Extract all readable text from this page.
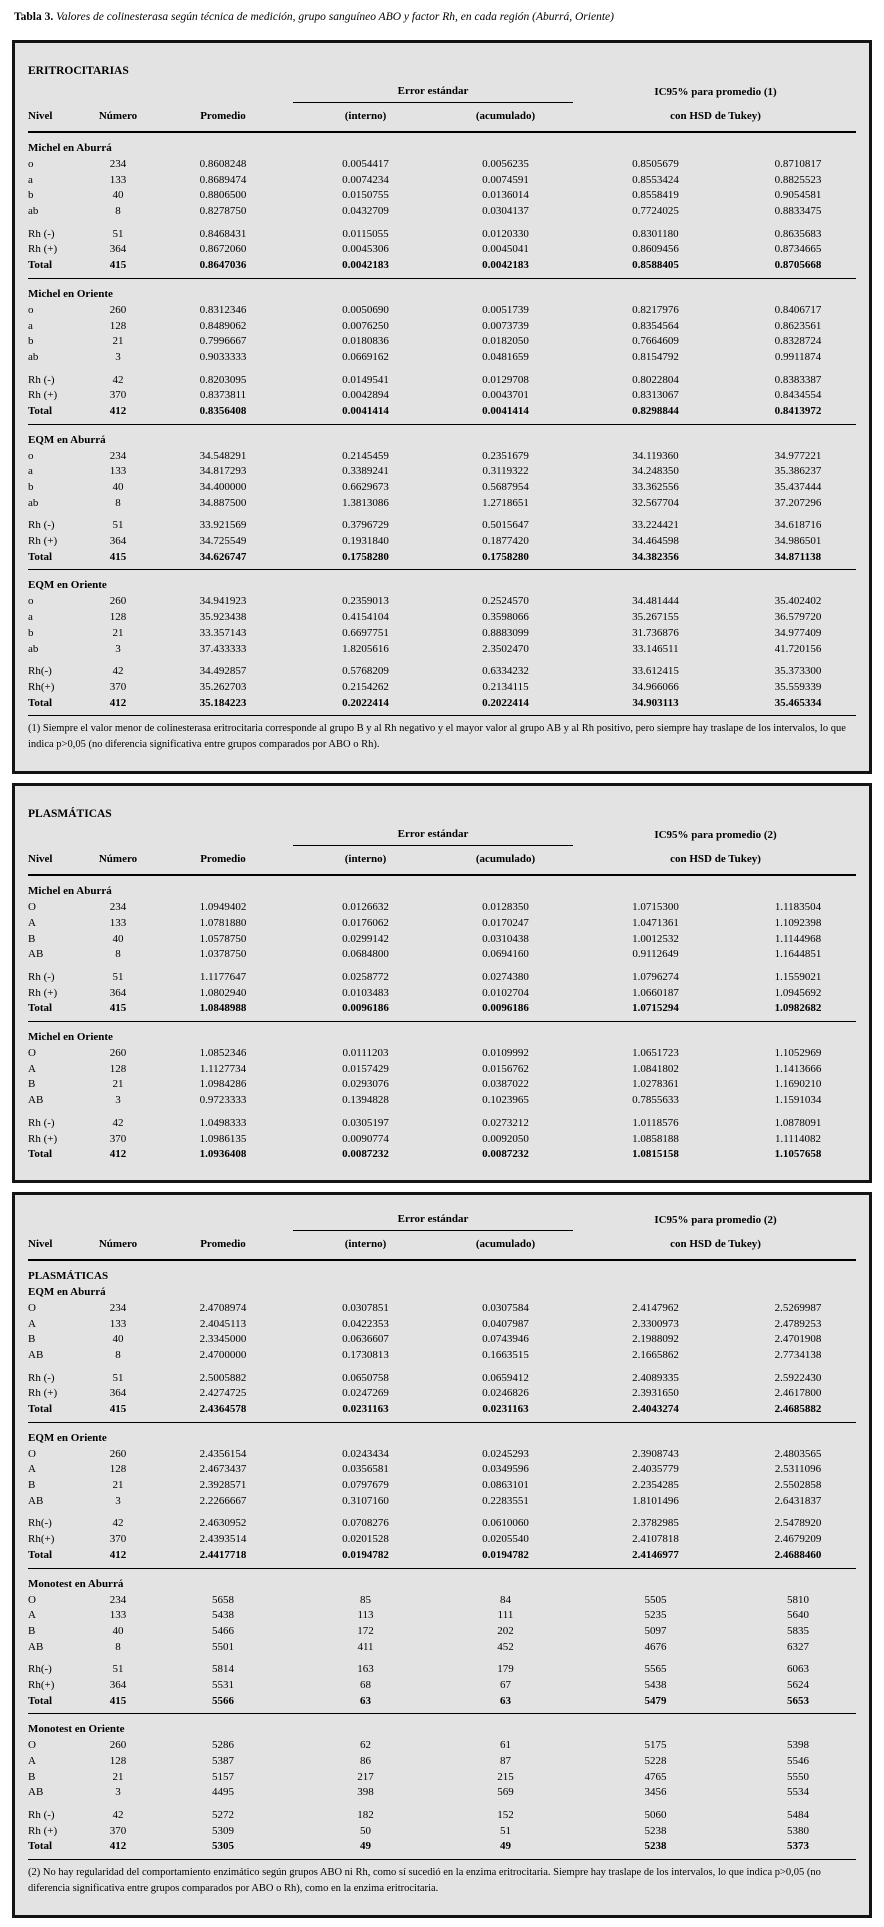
Tabla 3. Valores de colinesterasa según técnica de medición, grupo sanguíneo ABO y factor Rh, en cada región (Aburrá, Oriente)
ERITROCITARIAS
Error estándar	IC95% para promedio (1)
Nivel	Número	Promedio	(interno)	(acumulado)	con HSD de Tukey)
Michel en Aburrá
o	234	0.8608248	0.0054417	0.0056235	0.8505679	0.8710817
a	133	0.8689474	0.0074234	0.0074591	0.8553424	0.8825523
b	40	0.8806500	0.0150755	0.0136014	0.8558419	0.9054581
ab	8	0.8278750	0.0432709	0.0304137	0.7724025	0.8833475
Rh (-)	51	0.8468431	0.0115055	0.0120330	0.8301180	0.8635683
Rh (+)	364	0.8672060	0.0045306	0.0045041	0.8609456	0.8734665
Total	415	0.8647036	0.0042183	0.0042183	0.8588405	0.8705668
Michel en Oriente
o	260	0.8312346	0.0050690	0.0051739	0.8217976	0.8406717
a	128	0.8489062	0.0076250	0.0073739	0.8354564	0.8623561
b	21	0.7996667	0.0180836	0.0182050	0.7664609	0.8328724
ab	3	0.9033333	0.0669162	0.0481659	0.8154792	0.9911874
Rh (-)	42	0.8203095	0.0149541	0.0129708	0.8022804	0.8383387
Rh (+)	370	0.8373811	0.0042894	0.0043701	0.8313067	0.8434554
Total	412	0.8356408	0.0041414	0.0041414	0.8298844	0.8413972
EQM en Aburrá
o	234	34.548291	0.2145459	0.2351679	34.119360	34.977221
a	133	34.817293	0.3389241	0.3119322	34.248350	35.386237
b	40	34.400000	0.6629673	0.5687954	33.362556	35.437444
ab	8	34.887500	1.3813086	1.2718651	32.567704	37.207296
Rh (-)	51	33.921569	0.3796729	0.5015647	33.224421	34.618716
Rh (+)	364	34.725549	0.1931840	0.1877420	34.464598	34.986501
Total	415	34.626747	0.1758280	0.1758280	34.382356	34.871138
EQM en Oriente
o	260	34.941923	0.2359013	0.2524570	34.481444	35.402402
a	128	35.923438	0.4154104	0.3598066	35.267155	36.579720
b	21	33.357143	0.6697751	0.8883099	31.736876	34.977409
ab	3	37.433333	1.8205616	2.3502470	33.146511	41.720156
Rh(-)	42	34.492857	0.5768209	0.6334232	33.612415	35.373300
Rh(+)	370	35.262703	0.2154262	0.2134115	34.966066	35.559339
Total	412	35.184223	0.2022414	0.2022414	34.903113	35.465334
(1) Siempre el valor menor de colinesterasa eritrocitaria corresponde al grupo B y al Rh negativo y el mayor valor al grupo AB y al Rh positivo, pero siempre hay traslape de los intervalos, lo que indica p>0,05 (no diferencia significativa entre grupos comparados por ABO o Rh).
PLASMÁTICAS
Error estándar	IC95% para promedio (2)
Nivel	Número	Promedio	(interno)	(acumulado)	con HSD de Tukey)
Michel en Aburrá
O	234	1.0949402	0.0126632	0.0128350	1.0715300	1.1183504
A	133	1.0781880	0.0176062	0.0170247	1.0471361	1.1092398
B	40	1.0578750	0.0299142	0.0310438	1.0012532	1.1144968
AB	8	1.0378750	0.0684800	0.0694160	0.9112649	1.1644851
Rh (-)	51	1.1177647	0.0258772	0.0274380	1.0796274	1.1559021
Rh (+)	364	1.0802940	0.0103483	0.0102704	1.0660187	1.0945692
Total	415	1.0848988	0.0096186	0.0096186	1.0715294	1.0982682
Michel en Oriente
O	260	1.0852346	0.0111203	0.0109992	1.0651723	1.1052969
A	128	1.1127734	0.0157429	0.0156762	1.0841802	1.1413666
B	21	1.0984286	0.0293076	0.0387022	1.0278361	1.1690210
AB	3	0.9723333	0.1394828	0.1023965	0.7855633	1.1591034
Rh (-)	42	1.0498333	0.0305197	0.0273212	1.0118576	1.0878091
Rh (+)	370	1.0986135	0.0090774	0.0092050	1.0858188	1.1114082
Total	412	1.0936408	0.0087232	0.0087232	1.0815158	1.1057658
Error estándar	IC95% para promedio (2)
Nivel	Número	Promedio	(interno)	(acumulado)	con HSD de Tukey)
PLASMÁTICAS
EQM en Aburrá
O	234	2.4708974	0.0307851	0.0307584	2.4147962	2.5269987
A	133	2.4045113	0.0422353	0.0407987	2.3300973	2.4789253
B	40	2.3345000	0.0636607	0.0743946	2.1988092	2.4701908
AB	8	2.4700000	0.1730813	0.1663515	2.1665862	2.7734138
Rh (-)	51	2.5005882	0.0650758	0.0659412	2.4089335	2.5922430
Rh (+)	364	2.4274725	0.0247269	0.0246826	2.3931650	2.4617800
Total	415	2.4364578	0.0231163	0.0231163	2.4043274	2.4685882
EQM en Oriente
O	260	2.4356154	0.0243434	0.0245293	2.3908743	2.4803565
A	128	2.4673437	0.0356581	0.0349596	2.4035779	2.5311096
B	21	2.3928571	0.0797679	0.0863101	2.2354285	2.5502858
AB	3	2.2266667	0.3107160	0.2283551	1.8101496	2.6431837
Rh(-)	42	2.4630952	0.0708276	0.0610060	2.3782985	2.5478920
Rh(+)	370	2.4393514	0.0201528	0.0205540	2.4107818	2.4679209
Total	412	2.4417718	0.0194782	0.0194782	2.4146977	2.4688460
Monotest en Aburrá
O	234	5658	85	84	5505	5810
A	133	5438	113	111	5235	5640
B	40	5466	172	202	5097	5835
AB	8	5501	411	452	4676	6327
Rh(-)	51	5814	163	179	5565	6063
Rh(+)	364	5531	68	67	5438	5624
Total	415	5566	63	63	5479	5653
Monotest en Oriente
O	260	5286	62	61	5175	5398
A	128	5387	86	87	5228	5546
B	21	5157	217	215	4765	5550
AB	3	4495	398	569	3456	5534
Rh (-)	42	5272	182	152	5060	5484
Rh (+)	370	5309	50	51	5238	5380
Total	412	5305	49	49	5238	5373
(2) No hay regularidad del comportamiento enzimático según grupos ABO ni Rh, como sí sucedió en la enzima eritrocitaria. Siempre hay traslape de los intervalos, lo que indica p>0,05 (no diferencia significativa entre grupos comparados por ABO o Rh), como en la enzima eritrocitaria.
